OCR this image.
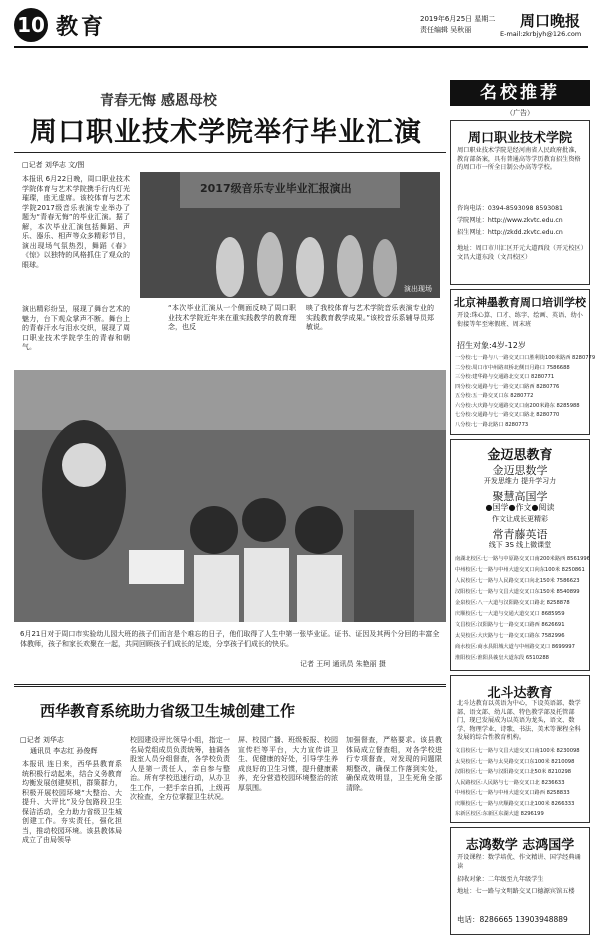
10 教育	2019年6月25日 星期二
责任编辑 吴秋丽	周口晚报
E-mail:zkrbjyh@126.com
青春无悔 感恩母校
周口职业技术学院举行毕业汇演
□记者 刘华志 文/图
本报讯 6月22日晚，周口职业技术学院体育与艺术学院携手行内灯光璀璨，座无虚席。该校体育与艺术学院2017级音乐表演专业举办了题为“青春无悔”的毕业汇演。据了解，本次毕业汇演包括舞蹈、声乐、器乐、相声等众多精彩节目，演出现场气氛热烈，舞蹈《春》《惊》以独特的风格抓住了观众的眼球。
演出精彩纷呈，展现了舞台艺术的魅力，台下观众掌声不断。舞台上的青春汗水与泪水交织，展现了周口职业技术学院学生的青春和朝气。
2017级音乐专业毕业汇报演出
演出现场
“本次毕业汇演从一个侧面反映了周口职业技术学院近年来在重实践教学的教育理念，也反
映了我校体育与艺术学院音乐表演专业的实践教育教学成果。”该校音乐系辅导员郑敏说。
6月21日对于周口市实验幼儿园大班的孩子们而言是个难忘的日子，他们取得了人生中第一张毕业证。证书、证因及其两个分回的丰富全体教师，孩子和家长欢聚在一起，共同回顾孩子们成长的足迹，分享孩子们成长的快乐。
记者 王珂 通讯员 朱艳丽 摄
西华教育系统助力省级卫生城创建工作
□记者 刘华志
通讯员 李志红 孙俊辉
本报讯 连日来，西华县教育系统积极行动起来，结合义务教育均衡发展创建契机，群策群力，积极开展校园环境“大整治、大提升、大评比”及分包路段卫生保洁活动，全力助力省级卫生城创建工作。夯实责任，强化担当，推动校园环境。该县教体局成立了由局领导
校园建设评比领导小组，指定一名局党组成员负责统筹，抽调各股室人员分组督查，各学校负责人是第一责任人，亲自参与整治。所有学校迅速行动，从办卫生工作，一把手亲自抓，上级再次检查，全方位掌握卫生状况。
屏、校园广播、班级板报、校园宣传栏等平台，大力宣传讲卫生、促健康的好处，引导学生养成良好的卫生习惯，提升健康素养，充分营造校园环境整治的浓厚氛围。
加强督查，严格要求。该县教体局成立督查组，对各学校进行专项督查，对发现的问题限期整改，确保工作落到实处，确保成效明显，卫生死角全部清除。
名校推荐
（广告）
周口职业技术学院
周口职业技术学院是经河南省人民政府批准，教育部备案，具有普通高等学历教育招生资格的周口市一所全日制公办高等学校。
咨询电话：0394-8593098 8593081
学院网址：http://www.zkvtc.edu.cn
招生网址：http://zkdd.zkvtc.edu.cn
地址：周口市川汇区开元大道西段（开元校区）文昌大道东段（文昌校区）
北京神墨教育周口培训学校
开设:珠心算、口才、练字、绘画、英语、幼小衔接等年至寒假班、周末班
招生对象:4岁-12岁
一分校:七一路与八一路交叉口口胜利街100米路西 8280779
二分校:周口市中州路双桥北侧日月路口 7586688
三分校:建华路与交通路北交叉口 8280771
四分校:交通路与七一路交叉口路西 8280776
五分校:五一路交叉口东 8280772
六分校:大庆路与交通路交叉口南200米路东 8285988
七分校:交通路与七一路交叉口路北 8280770
八分校:七一路北路口 8280773
金迈思教育
金迈思数学
开发思维力 提升学习力
聚慧高国学
●国学●作文●阅读
作文让成长更精彩
常青藤英语
线下 3S 线上微课堂
南湖北校区:七一路与中原路交叉口南200米路西 8561996
中州校区:七一路与中州大道交叉口向东100米 8250861
人民校区:七一路与人民路交叉口向北150米 7586623
汉阳校区:七一路与文昌大道交叉口东150米 8540899
金泉校区:八一大道与汉阳路交叉口路北 8258878
庆顺校区:七一大道与交通大道交叉口 8685959
文昌校区:汉阳路与七一路交叉口路西 8626691
太昊校区:大庆路与七一路交叉口路东 7582996
商水校区:商水县阳城大道与中州路交叉口 8699997
淮阳校区:淮阳县羲皇大道东段 6510288
北斗达教育
北斗达教育以英语为中心，下设英语部、数学部、语文部、幼儿部、特色教学部及托管部门，现已发展成为以英语为龙头，语文、数学、物理学业、诗歌、书法、美术等课程全科发展的综合性教育机构。
文昌校区:七一路与文昌大道交叉口南100米 8230098
太昊校区:七一路与太昊路交叉口东100米 8210098
汉阳校区:七一路与汉阳路交叉口北50米 8210298
人民路校区:人民路与七一路交叉口北 8236633
中州校区:七一路与中州大道交叉口路西 8258833
庆顺校区:七一路与庆顺路交叉口北100米 8266333
东新区校区:东新区东湖大道 8296199
志鸿数学 志鸿国学
开设课程：数学培优、作文精讲、国学经典诵读
招收对象：二年级至九年级学生
地址：七一路与文明路交叉口德源宾馆五楼
电话：8286665 13903948889
